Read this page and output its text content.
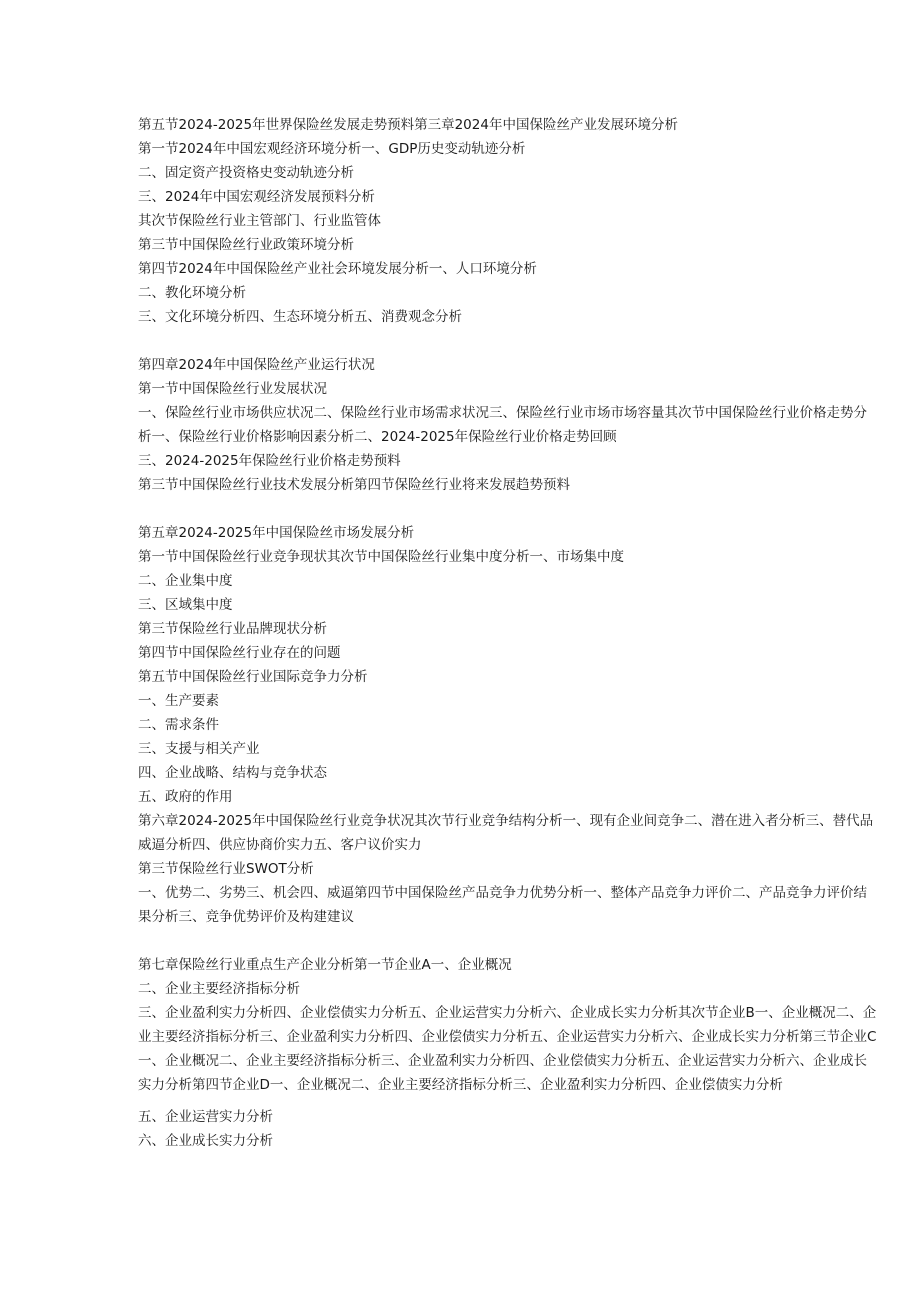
第五节2024-2025年世界保险丝发展走势预料第三章2024年中国保险丝产业发展环境分析
第一节2024年中国宏观经济环境分析一、GDP历史变动轨迹分析
二、固定资产投资格史变动轨迹分析
三、2024年中国宏观经济发展预料分析
其次节保险丝行业主管部门、行业监管体
第三节中国保险丝行业政策环境分析
第四节2024年中国保险丝产业社会环境发展分析一、人口环境分析
二、教化环境分析
三、文化环境分析四、生态环境分析五、消费观念分析
第四章2024年中国保险丝产业运行状况
第一节中国保险丝行业发展状况
一、保险丝行业市场供应状况二、保险丝行业市场需求状况三、保险丝行业市场市场容量其次节中国保险丝行业价格走势分析一、保险丝行业价格影响因素分析二、2024-2025年保险丝行业价格走势回顾
三、2024-2025年保险丝行业价格走势预料
第三节中国保险丝行业技术发展分析第四节保险丝行业将来发展趋势预料
第五章2024-2025年中国保险丝市场发展分析
第一节中国保险丝行业竞争现状其次节中国保险丝行业集中度分析一、市场集中度
二、企业集中度
三、区域集中度
第三节保险丝行业品牌现状分析
第四节中国保险丝行业存在的问题
第五节中国保险丝行业国际竞争力分析
一、生产要素
二、需求条件
三、支援与相关产业
四、企业战略、结构与竞争状态
五、政府的作用
第六章2024-2025年中国保险丝行业竞争状况其次节行业竞争结构分析一、现有企业间竞争二、潜在进入者分析三、替代品威逼分析四、供应协商价实力五、客户议价实力
第三节保险丝行业SWOT分析
一、优势二、劣势三、机会四、威逼第四节中国保险丝产品竞争力优势分析一、整体产品竞争力评价二、产品竞争力评价结果分析三、竞争优势评价及构建建议
第七章保险丝行业重点生产企业分析第一节企业A一、企业概况
二、企业主要经济指标分析
三、企业盈利实力分析四、企业偿债实力分析五、企业运营实力分析六、企业成长实力分析其次节企业B一、企业概况二、企业主要经济指标分析三、企业盈利实力分析四、企业偿债实力分析五、企业运营实力分析六、企业成长实力分析第三节企业C一、企业概况二、企业主要经济指标分析三、企业盈利实力分析四、企业偿债实力分析五、企业运营实力分析六、企业成长实力分析第四节企业D一、企业概况二、企业主要经济指标分析三、企业盈利实力分析四、企业偿债实力分析
五、企业运营实力分析
六、企业成长实力分析
